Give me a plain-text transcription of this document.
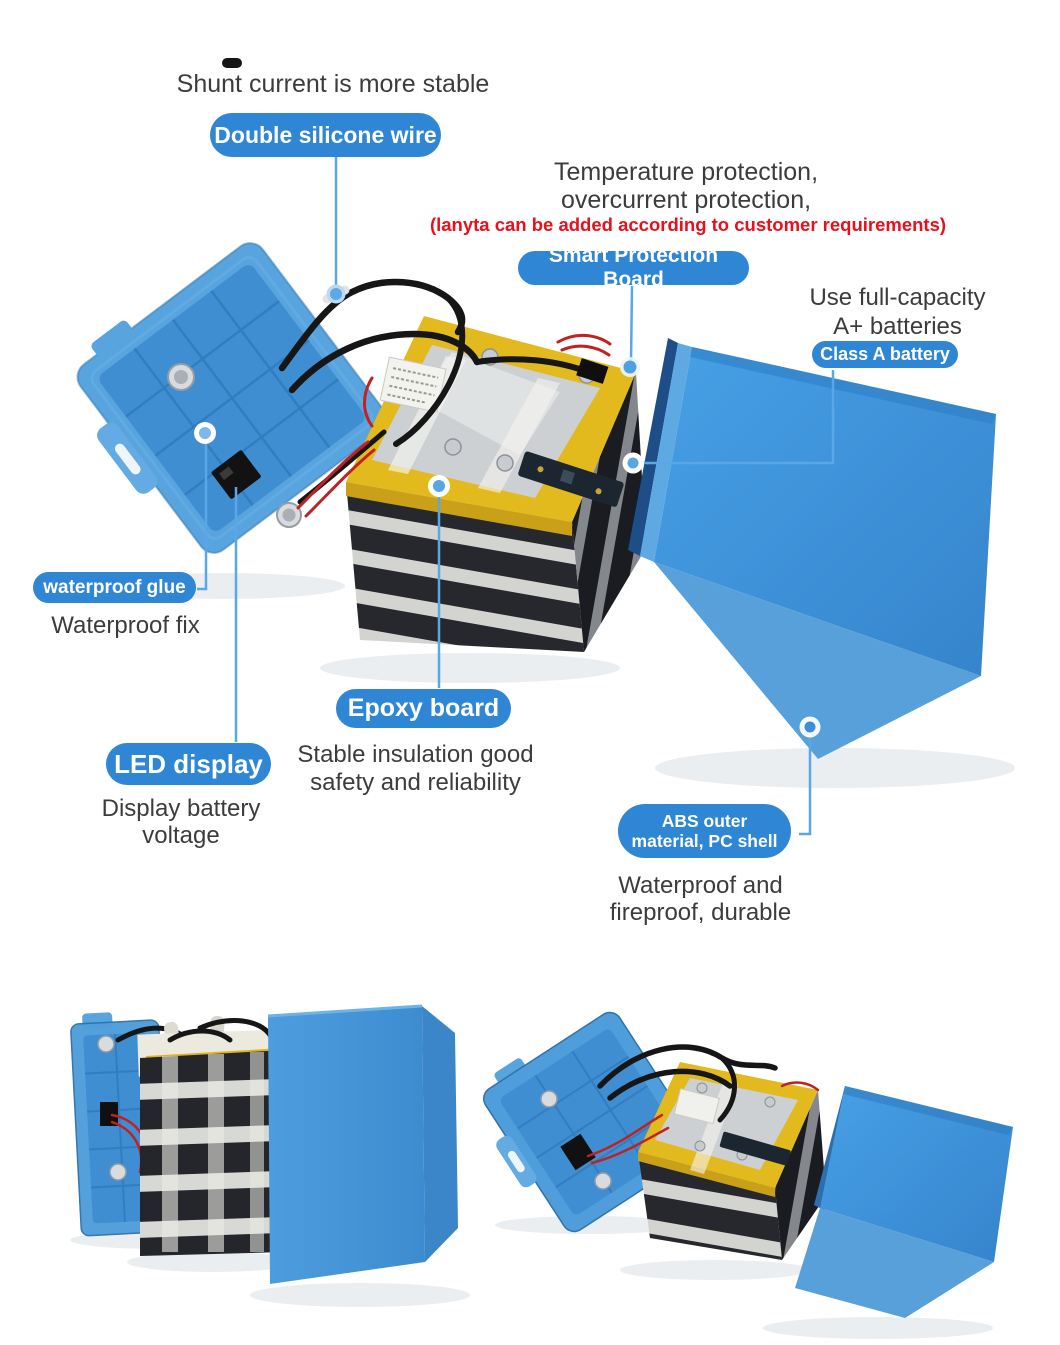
Shunt current is more stable
Double silicone wire
Temperature protection,
overcurrent protection,
(lanyta can be added according to customer requirements)
Smart Protection Board
Use full-capacity
A+ batteries
Class A battery
waterproof glue
Waterproof fix
Epoxy board
Stable insulation good
safety and reliability
LED display
Display battery
voltage
ABS outer
material, PC shell
Waterproof and
fireproof, durable
